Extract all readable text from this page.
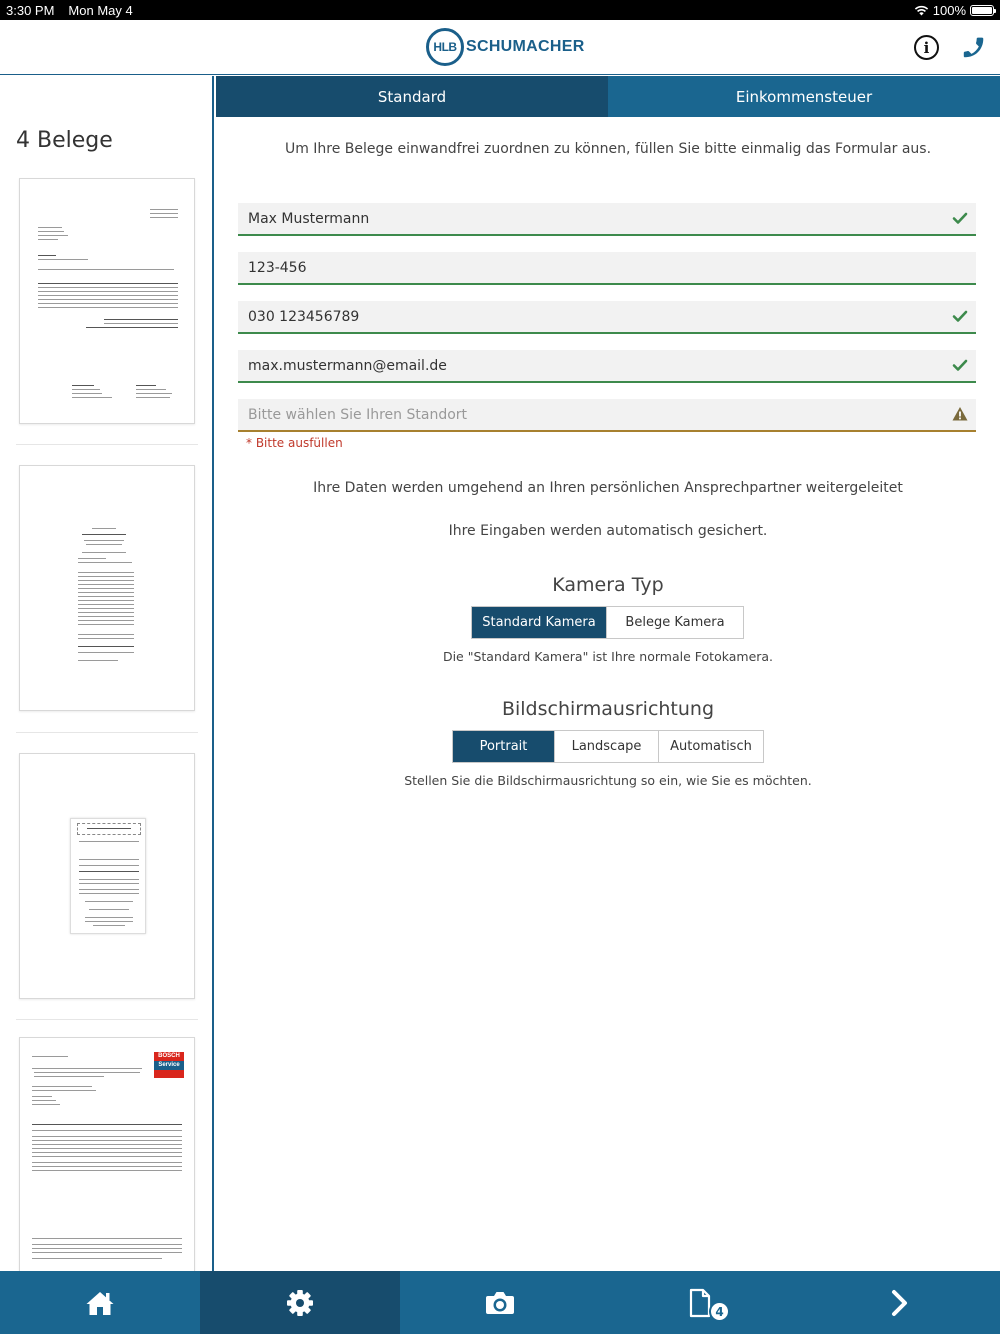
3:30 PM Mon May 4	100%
HLB SCHUMACHER	i
4 Belege
BOSCH
Service
Standard	Einkommensteuer
Um Ihre Belege einwandfrei zuordnen zu können, füllen Sie bitte einmalig das Formular aus.
Max Mustermann
123-456
030 123456789
max.mustermann@email.de
Bitte wählen Sie Ihren Standort
* Bitte ausfüllen
Ihre Daten werden umgehend an Ihren persönlichen Ansprechpartner weitergeleitet
Ihre Eingaben werden automatisch gesichert.
Kamera Typ
Standard Kamera	Belege Kamera
Die "Standard Kamera" ist Ihre normale Fotokamera.
Bildschirmausrichtung
Portrait	Landscape	Automatisch
Stellen Sie die Bildschirmausrichtung so ein, wie Sie es möchten.
4
